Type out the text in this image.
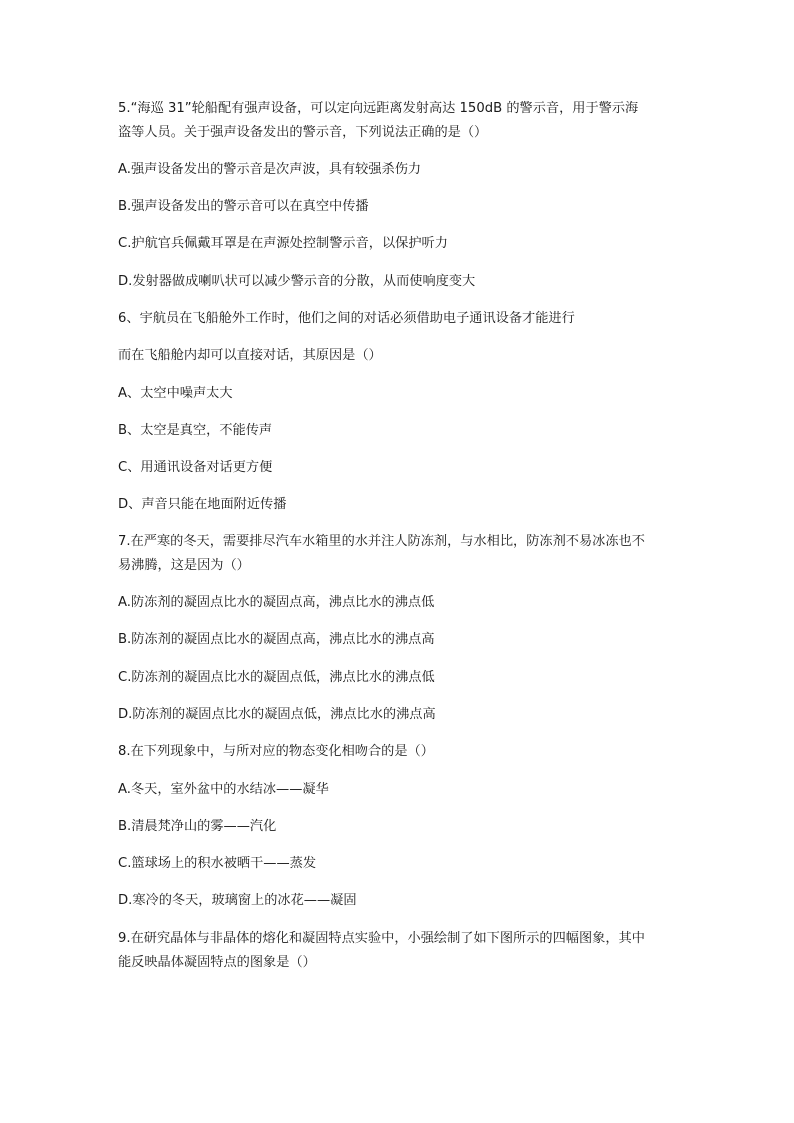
5.“海巡 31”轮船配有强声设备，可以定向远距离发射高达 150dB 的警示音，用于警示海
盗等人员。关于强声设备发出的警示音，下列说法正确的是（）
A.强声设备发出的警示音是次声波，具有较强杀伤力
B.强声设备发出的警示音可以在真空中传播
C.护航官兵佩戴耳罩是在声源处控制警示音，以保护听力
D.发射器做成喇叭状可以减少警示音的分散，从而使响度变大
6、宇航员在飞船舱外工作时，他们之间的对话必须借助电子通讯设备才能进行
而在飞船舱内却可以直接对话，其原因是（）
A、太空中噪声太大
B、太空是真空，不能传声
C、用通讯设备对话更方便
D、声音只能在地面附近传播
7.在严寒的冬天，需要排尽汽车水箱里的水并注人防冻剂，与水相比，防冻剂不易冰冻也不
易沸腾，这是因为（）
A.防冻剂的凝固点比水的凝固点高，沸点比水的沸点低
B.防冻剂的凝固点比水的凝固点高，沸点比水的沸点高
C.防冻剂的凝固点比水的凝固点低，沸点比水的沸点低
D.防冻剂的凝固点比水的凝固点低，沸点比水的沸点高
8.在下列现象中，与所对应的物态变化相吻合的是（）
A.冬天，室外盆中的水结冰——凝华
B.清晨梵净山的雾——汽化
C.篮球场上的积水被晒干——蒸发
D.寒冷的冬天，玻璃窗上的冰花——凝固
9.在研究晶体与非晶体的熔化和凝固特点实验中，小强绘制了如下图所示的四幅图象，其中
能反映晶体凝固特点的图象是（）
